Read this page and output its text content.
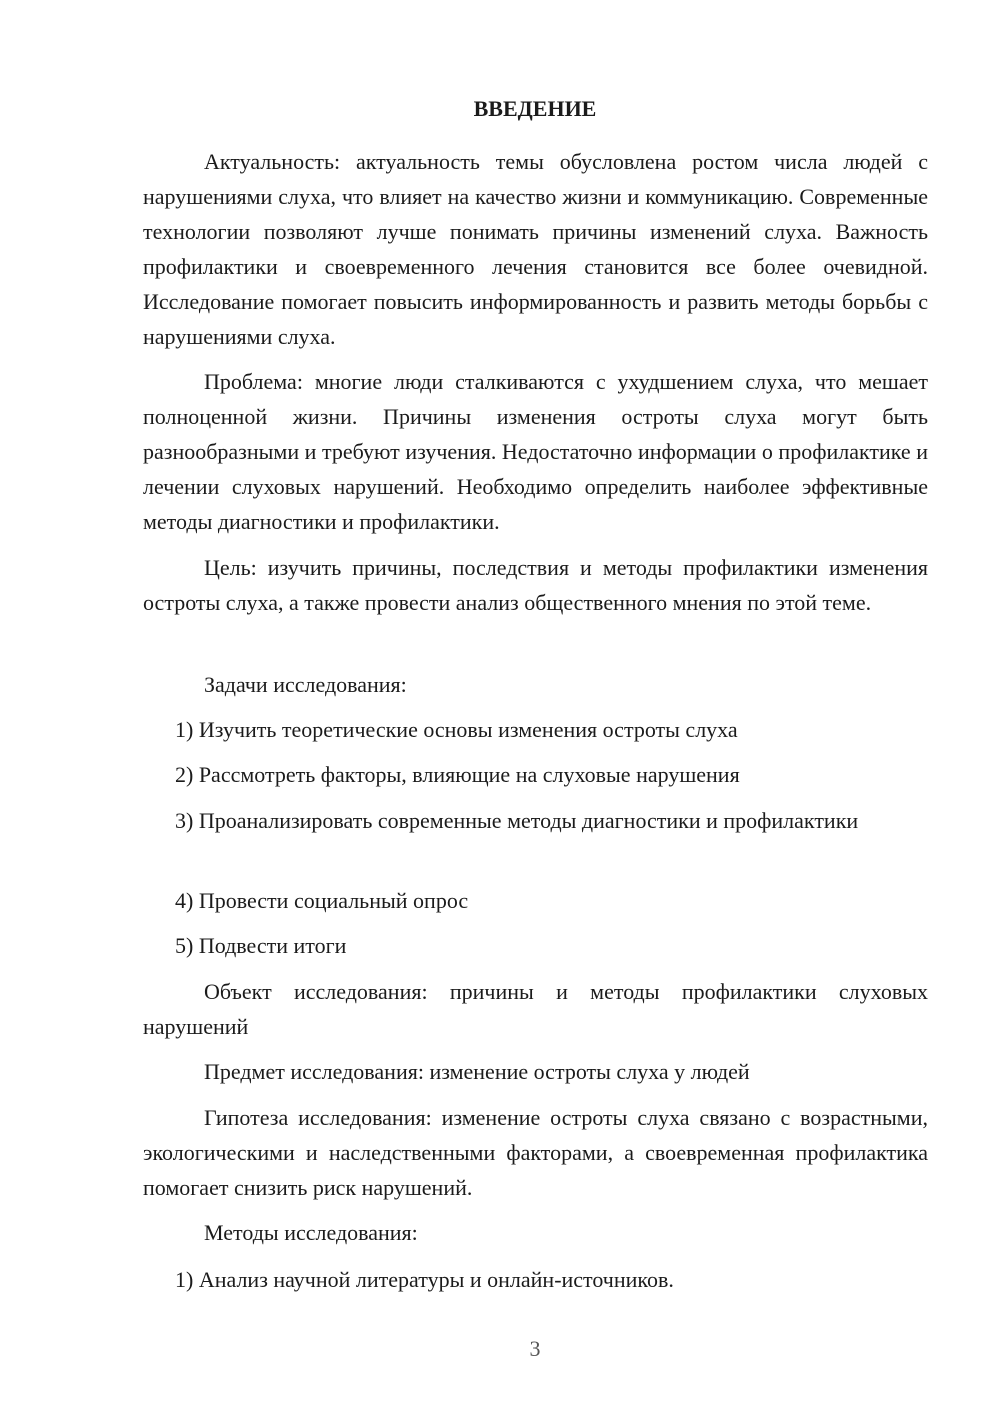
ВВЕДЕНИЕ
Актуальность: актуальность темы обусловлена ростом числа людей с нарушениями слуха, что влияет на качество жизни и коммуникацию. Современные технологии позволяют лучше понимать причины изменений слуха. Важность профилактики и своевременного лечения становится все более очевидной. Исследование помогает повысить информированность и развить методы борьбы с нарушениями слуха.
Проблема: многие люди сталкиваются с ухудшением слуха, что мешает полноценной жизни. Причины изменения остроты слуха могут быть разнообразными и требуют изучения. Недостаточно информации о профилактике и лечении слуховых нарушений. Необходимо определить наиболее эффективные методы диагностики и профилактики.
Цель: изучить причины, последствия и методы профилактики изменения остроты слуха, а также провести анализ общественного мнения по этой теме.
Задачи исследования:
1) Изучить теоретические основы изменения остроты слуха
2) Рассмотреть факторы, влияющие на слуховые нарушения
3) Проанализировать современные методы диагностики и профилактики
4) Провести социальный опрос
5) Подвести итоги
Объект исследования: причины и методы профилактики слуховых нарушений
Предмет исследования: изменение остроты слуха у людей
Гипотеза исследования: изменение остроты слуха связано с возрастными, экологическими и наследственными факторами, а своевременная профилактика помогает снизить риск нарушений.
Методы исследования:
1) Анализ научной литературы и онлайн-источников.
3
